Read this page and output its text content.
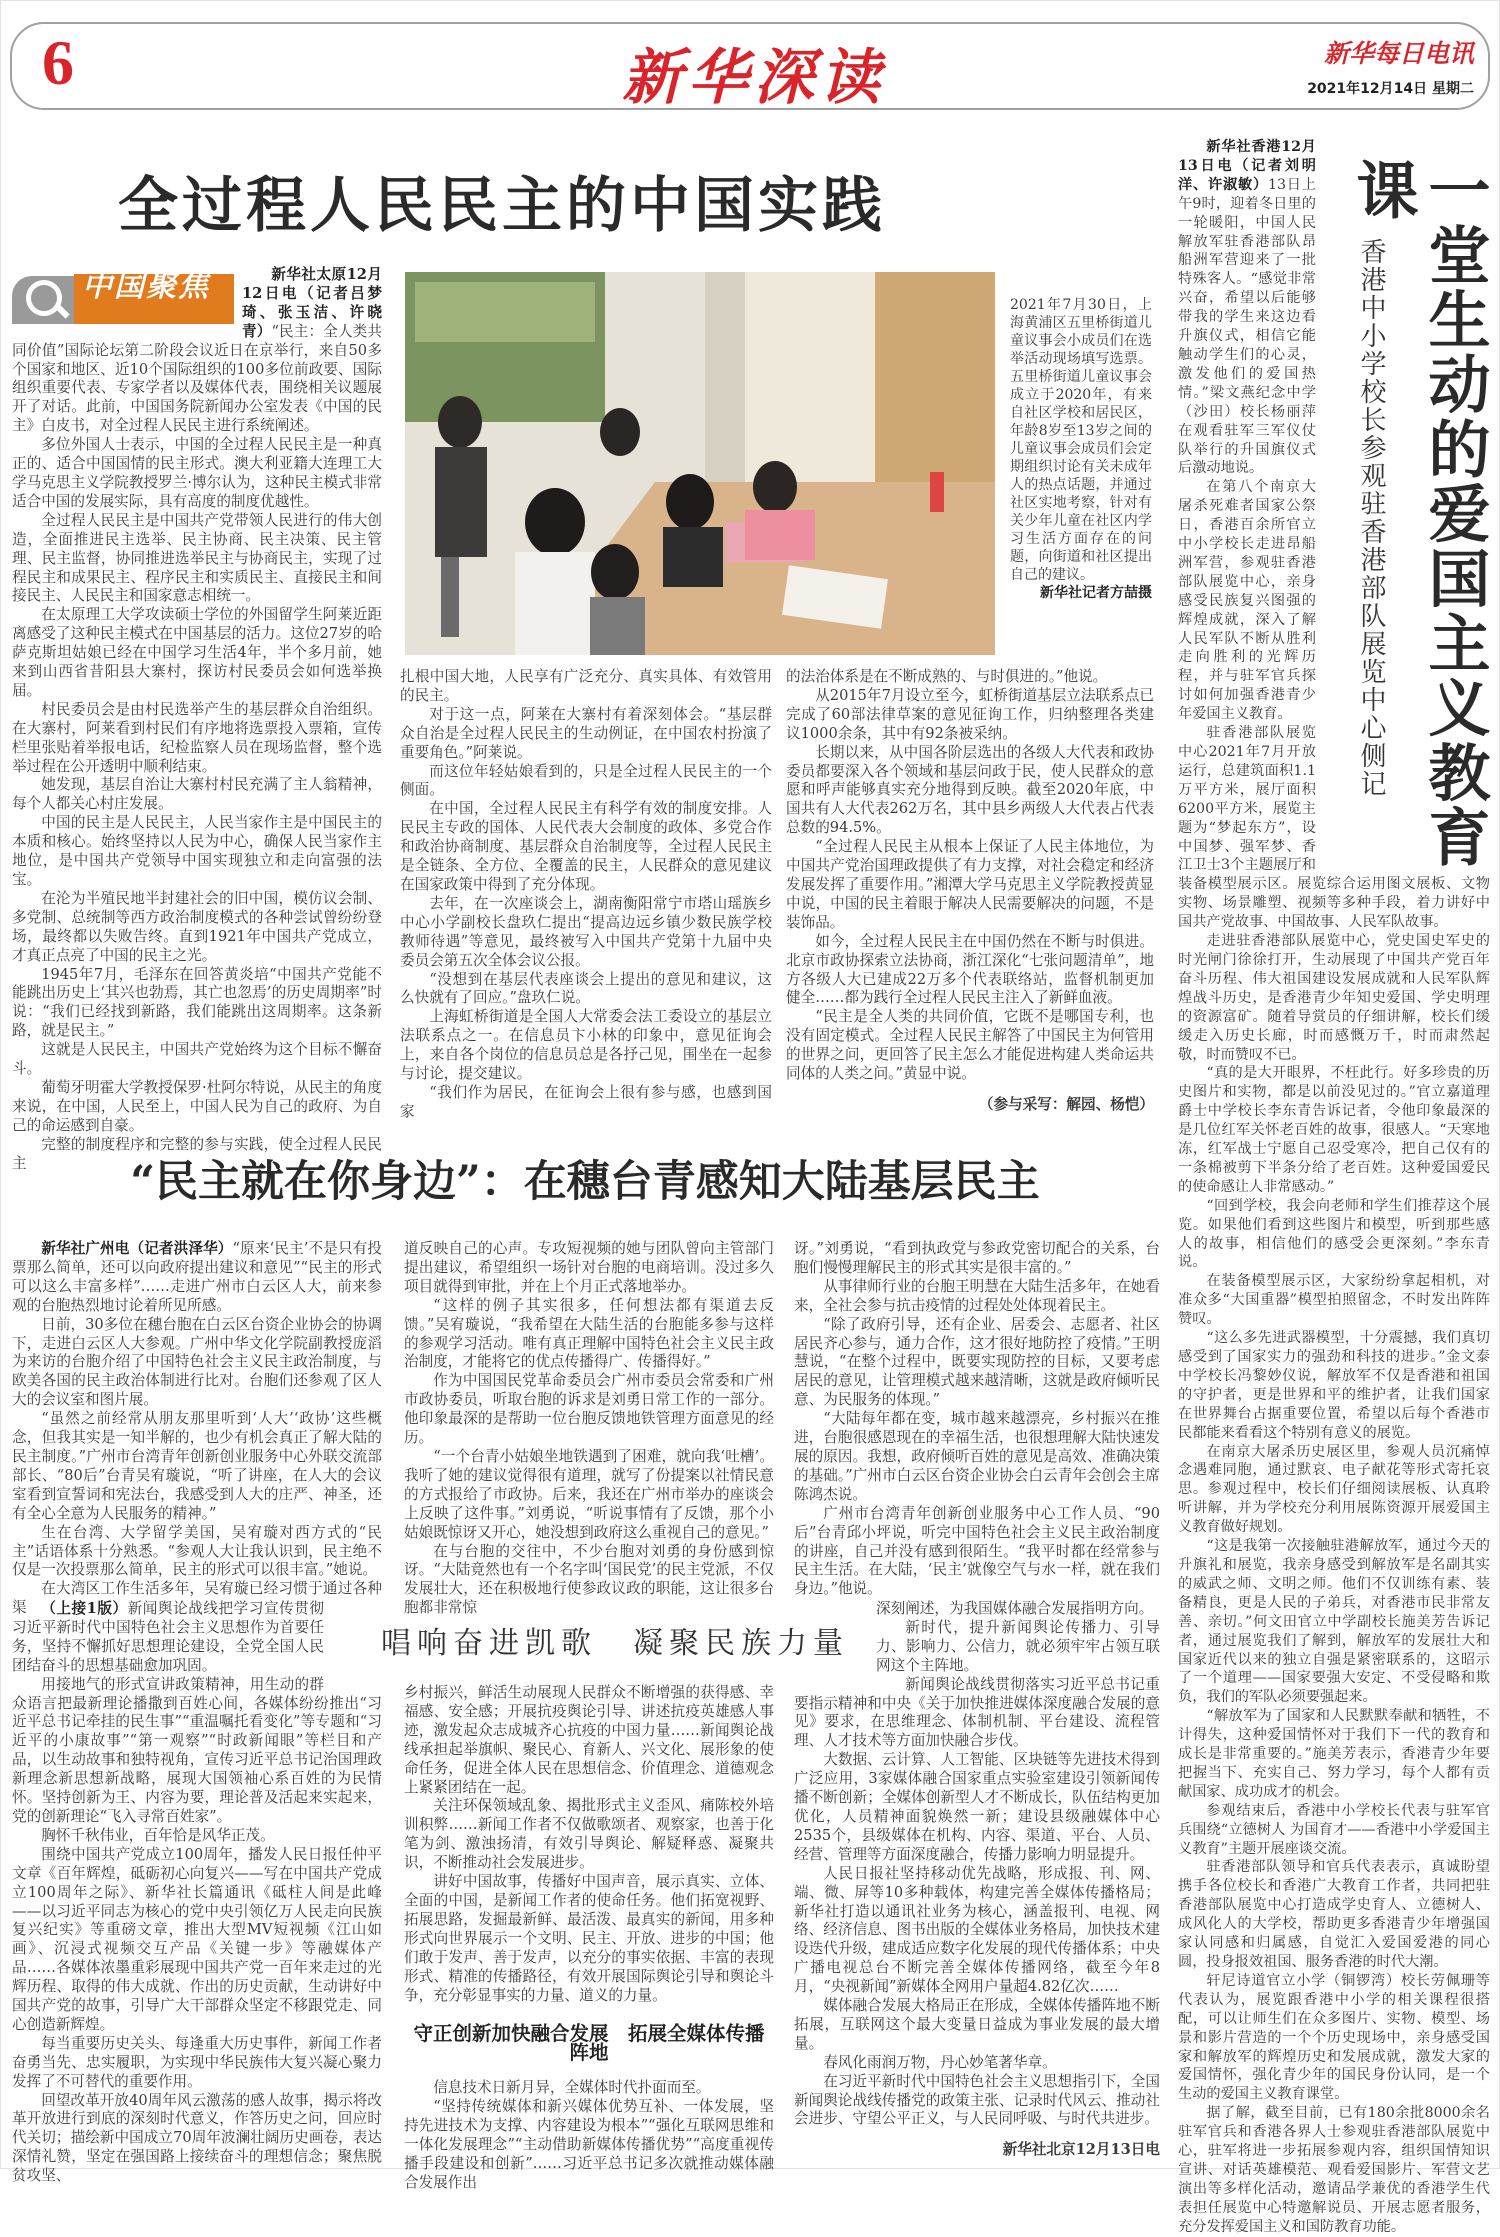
6	新华深读	新华每日电讯
2021年12月14日 星期二
全过程人民民主的中国实践
中国聚焦	新华社太原12月12日电（记者吕梦琦、张玉洁、许晓青）“民主：全人类共同价值”国际论坛第二阶段会议近日在京举行，来自50多个国家和地区、近10个国际组织的100多位前政要、国际组织重要代表、专家学者以及媒体代表，围绕相关议题展开了对话。此前，中国国务院新闻办公室发表《中国的民主》白皮书，对全过程人民民主进行系统阐述。

多位外国人士表示，中国的全过程人民民主是一种真正的、适合中国国情的民主形式。澳大利亚籍大连理工大学马克思主义学院教授罗兰·博尔认为，这种民主模式非常适合中国的发展实际，具有高度的制度优越性。

全过程人民民主是中国共产党带领人民进行的伟大创造，全面推进民主选举、民主协商、民主决策、民主管理、民主监督，协同推进选举民主与协商民主，实现了过程民主和成果民主、程序民主和实质民主、直接民主和间接民主、人民民主和国家意志相统一。

在太原理工大学攻读硕士学位的外国留学生阿莱近距离感受了这种民主模式在中国基层的活力。这位27岁的哈萨克斯坦姑娘已经在中国学习生活4年，半个多月前，她来到山西省昔阳县大寨村，探访村民委员会如何选举换届。

村民委员会是由村民选举产生的基层群众自治组织。在大寨村，阿莱看到村民们有序地将选票投入票箱，宣传栏里张贴着举报电话，纪检监察人员在现场监督，整个选举过程在公开透明中顺利结束。

她发现，基层自治让大寨村村民充满了主人翁精神，每个人都关心村庄发展。

中国的民主是人民民主，人民当家作主是中国民主的本质和核心。始终坚持以人民为中心，确保人民当家作主地位，是中国共产党领导中国实现独立和走向富强的法宝。

在沦为半殖民地半封建社会的旧中国，模仿议会制、多党制、总统制等西方政治制度模式的各种尝试曾纷纷登场，最终都以失败告终。直到1921年中国共产党成立，才真正点亮了中国的民主之光。

1945年7月，毛泽东在回答黄炎培“中国共产党能不能跳出历史上‘其兴也勃焉，其亡也忽焉’的历史周期率”时说：“我们已经找到新路，我们能跳出这周期率。这条新路，就是民主。”

这就是人民民主，中国共产党始终为这个目标不懈奋斗。

葡萄牙明霍大学教授保罗·杜阿尔特说，从民主的角度来说，在中国，人民至上，中国人民为自己的政府、为自己的命运感到自豪。

完整的制度程序和完整的参与实践，使全过程人民民主

2021年7月30日，上海黄浦区五里桥街道儿童议事会小成员们在选举活动现场填写选票。五里桥街道儿童议事会成立于2020年，有来自社区学校和居民区，年龄8岁至13岁之间的儿童议事会成员们会定期组织讨论有关未成年人的热点话题，并通过社区实地考察，针对有关少年儿童在社区内学习生活方面存在的问题，向街道和社区提出自己的建议。
新华社记者方喆摄

扎根中国大地，人民享有广泛充分、真实具体、有效管用的民主。

对于这一点，阿莱在大寨村有着深刻体会。“基层群众自治是全过程人民民主的生动例证，在中国农村扮演了重要角色。”阿莱说。

而这位年轻姑娘看到的，只是全过程人民民主的一个侧面。

在中国，全过程人民民主有科学有效的制度安排。人民民主专政的国体、人民代表大会制度的政体、多党合作和政治协商制度、基层群众自治制度等，全过程人民民主是全链条、全方位、全覆盖的民主，人民群众的意见建议在国家政策中得到了充分体现。

去年，在一次座谈会上，湖南衡阳常宁市塔山瑶族乡中心小学副校长盘玖仁提出“提高边远乡镇少数民族学校教师待遇”等意见，最终被写入中国共产党第十九届中央委员会第五次全体会议公报。

“没想到在基层代表座谈会上提出的意见和建议，这么快就有了回应。”盘玖仁说。

上海虹桥街道是全国人大常委会法工委设立的基层立法联系点之一。在信息员卞小林的印象中，意见征询会上，来自各个岗位的信息员总是各抒己见，围坐在一起参与讨论，提交建议。

“我们作为居民，在征询会上很有参与感，也感到国家

的法治体系是在不断成熟的、与时俱进的。”他说。

从2015年7月设立至今，虹桥街道基层立法联系点已完成了60部法律草案的意见征询工作，归纳整理各类建议1000余条，其中有92条被采纳。

长期以来，从中国各阶层选出的各级人大代表和政协委员都要深入各个领域和基层问政于民，使人民群众的意愿和呼声能够真实充分地得到反映。截至2020年底，中国共有人大代表262万名，其中县乡两级人大代表占代表总数的94.5%。

“全过程人民民主从根本上保证了人民主体地位，为中国共产党治国理政提供了有力支撑，对社会稳定和经济发展发挥了重要作用。”湘潭大学马克思主义学院教授黄显中说，中国的民主着眼于解决人民需要解决的问题，不是装饰品。

如今，全过程人民民主在中国仍然在不断与时俱进。北京市政协探索立法协商，浙江深化“七张问题清单”，地方各级人大已建成22万多个代表联络站，监督机制更加健全……都为践行全过程人民民主注入了新鲜血液。

“民主是全人类的共同价值，它既不是哪国专利，也没有固定模式。全过程人民民主解答了中国民主为何管用的世界之问，更回答了民主怎么才能促进构建人类命运共同体的人类之问。”黄显中说。

（参与采写：解园、杨恺）

一堂生动的爱国主义教育课
香港中小学校长参观驻香港部队展览中心侧记

新华社香港12月13日电（记者刘明洋、许淑敏）13日上午9时，迎着冬日里的一轮暖阳，中国人民解放军驻香港部队昂船洲军营迎来了一批特殊客人。“感觉非常兴奋，希望以后能够带我的学生来这边看升旗仪式，相信它能触动学生们的心灵，激发他们的爱国热情。”梁文燕纪念中学（沙田）校长杨丽萍在观看驻军三军仪仗队举行的升国旗仪式后激动地说。

在第八个南京大屠杀死难者国家公祭日，香港百余所官立中小学校长走进昂船洲军营，参观驻香港部队展览中心，亲身感受民族复兴图强的辉煌成就，深入了解人民军队不断从胜利走向胜利的光辉历程，并与驻军官兵探讨如何加强香港青少年爱国主义教育。

驻香港部队展览中心2021年7月开放运行，总建筑面积1.1万平方米，展厅面积6200平方米，展览主题为“梦起东方”，设中国梦、强军梦、香江卫士3个主题展厅和装备模型展示区。展览综合运用图文展板、文物实物、场景雕塑、视频等多种手段，着力讲好中国共产党故事、中国故事、人民军队故事。

走进驻香港部队展览中心，党史国史军史的时光闸门徐徐打开，生动展现了中国共产党百年奋斗历程、伟大祖国建设发展成就和人民军队辉煌战斗历史，是香港青少年知史爱国、学史明理的资源富矿。随着导赏员的仔细讲解，校长们缓缓走入历史长廊，时而感慨万千，时而肃然起敬，时而赞叹不已。

“真的是大开眼界，不枉此行。好多珍贵的历史图片和实物，都是以前没见过的。”官立嘉道理爵士中学校长李东青告诉记者，令他印象最深的是几位红军关怀老百姓的故事，很感人。“天寒地冻，红军战士宁愿自己忍受寒冷，把自己仅有的一条棉被剪下半条分给了老百姓。这种爱国爱民的使命感让人非常感动。”

“回到学校，我会向老师和学生们推荐这个展览。如果他们看到这些图片和模型，听到那些感人的故事，相信他们的感受会更深刻。”李东青说。

在装备模型展示区，大家纷纷拿起相机，对准众多“大国重器”模型拍照留念，不时发出阵阵赞叹。

“这么多先进武器模型，十分震撼，我们真切感受到了国家实力的强劲和科技的进步。”金文泰中学校长冯黎妙仪说，解放军不仅是香港和祖国的守护者，更是世界和平的维护者，让我们国家在世界舞台占据重要位置，希望以后每个香港市民都能来看看这个特别有意义的展览。

在南京大屠杀历史展区里，参观人员沉痛悼念遇难同胞，通过默哀、电子献花等形式寄托哀思。参观过程中，校长们仔细阅读展板、认真聆听讲解，并为学校充分利用展陈资源开展爱国主义教育做好规划。

“这是我第一次接触驻港解放军，通过今天的升旗礼和展览，我亲身感受到解放军是名副其实的威武之师、文明之师。他们不仅训练有素、装备精良，更是人民的子弟兵，对香港市民非常友善、亲切。”何文田官立中学副校长施美芳告诉记者，通过展览我们了解到，解放军的发展壮大和国家近代以来的独立自强是紧密联系的，这昭示了一个道理——国家要强大安定、不受侵略和欺负，我们的军队必须要强起来。

“解放军为了国家和人民默默奉献和牺牲，不计得失，这种爱国情怀对于我们下一代的教育和成长是非常重要的。”施美芳表示，香港青少年要把握当下、充实自己、努力学习，每个人都有贡献国家、成功成才的机会。

参观结束后，香港中小学校长代表与驻军官兵围绕“立德树人 为国育才——香港中小学爱国主义教育”主题开展座谈交流。

驻香港部队领导和官兵代表表示，真诚盼望携手各位校长和香港广大教育工作者，共同把驻香港部队展览中心打造成学史育人、立德树人、成风化人的大学校，帮助更多香港青少年增强国家认同感和归属感，自觉汇入爱国爱港的同心圆，投身报效祖国、服务香港的时代大潮。

轩尼诗道官立小学（铜锣湾）校长劳佩珊等代表认为，展览跟香港中小学的相关课程很搭配，可以让师生们在众多图片、实物、模型、场景和影片营造的一个个历史现场中，亲身感受国家和解放军的辉煌历史和发展成就，激发大家的爱国情怀，强化青少年的国民身份认同，是一个生动的爱国主义教育课堂。

据了解，截至目前，已有180余批8000余名驻军官兵和香港各界人士参观驻香港部队展览中心，驻军将进一步拓展参观内容，组织国情知识宣讲、对话英雄模范、观看爱国影片、军营文艺演出等多样化活动，邀请品学兼优的香港学生代表担任展览中心特邀解说员、开展志愿者服务，充分发挥爱国主义和国防教育功能。

“民主就在你身边”：在穗台青感知大陆基层民主

新华社广州电（记者洪泽华）“原来‘民主’不是只有投票那么简单，还可以向政府提出建议和意见”“民主的形式可以这么丰富多样”……走进广州市白云区人大，前来参观的台胞热烈地讨论着所见所感。

日前，30多位在穗台胞在白云区台资企业协会的协调下，走进白云区人大参观。广州中华文化学院副教授庞滔为来访的台胞介绍了中国特色社会主义民主政治制度，与欧美各国的民主政治体制进行比对。台胞们还参观了区人大的会议室和图片展。

“虽然之前经常从朋友那里听到‘人大’‘政协’这些概念，但我其实是一知半解的，也少有机会真正了解大陆的民主制度。”广州市台湾青年创新创业服务中心外联交流部部长、“80后”台青吴宥璇说，“听了讲座，在人大的会议室看到宣誓词和宪法台，我感受到人大的庄严、神圣，还有全心全意为人民服务的精神。”

生在台湾、大学留学美国，吴宥璇对西方式的“民主”话语体系十分熟悉。“参观人大让我认识到，民主绝不仅是一次投票那么简单，民主的形式可以很丰富。”她说。

在大湾区工作生活多年，吴宥璇已经习惯于通过各种渠

道反映自己的心声。专攻短视频的她与团队曾向主管部门提出建议，希望组织一场针对台胞的电商培训。没过多久项目就得到审批，并在上个月正式落地举办。

“这样的例子其实很多，任何想法都有渠道去反馈。”吴宥璇说，“我希望在大陆生活的台胞能多参与这样的参观学习活动。唯有真正理解中国特色社会主义民主政治制度，才能将它的优点传播得广、传播得好。”

作为中国国民党革命委员会广州市委员会常委和广州市政协委员，听取台胞的诉求是刘勇日常工作的一部分。他印象最深的是帮助一位台胞反馈地铁管理方面意见的经历。

“一个台青小姑娘坐地铁遇到了困难，就向我‘吐槽’。我听了她的建议觉得很有道理，就写了份提案以社情民意的方式报给了市政协。后来，我还在广州市举办的座谈会上反映了这件事。”刘勇说，“听说事情有了反馈，那个小姑娘既惊讶又开心，她没想到政府这么重视自己的意见。”

在与台胞的交往中，不少台胞对刘勇的身份感到惊讶。“大陆竟然也有一个名字叫‘国民党’的民主党派，不仅发展壮大，还在积极地行使参政议政的职能，这让很多台胞都非常惊

讶。”刘勇说，“看到执政党与参政党密切配合的关系，台胞们慢慢理解民主的形式其实是很丰富的。”

从事律师行业的台胞王明慧在大陆生活多年，在她看来，全社会参与抗击疫情的过程处处体现着民主。

“除了政府引导，还有企业、居委会、志愿者、社区居民齐心参与，通力合作，这才很好地防控了疫情。”王明慧说，“在整个过程中，既要实现防控的目标，又要考虑居民的意见，让管理模式越来越清晰，这就是政府倾听民意、为民服务的体现。”

“大陆每年都在变，城市越来越漂亮，乡村振兴在推进，台胞很感恩现在的幸福生活，也很想理解大陆快速发展的原因。我想，政府倾听百姓的意见是高效、准确决策的基础。”广州市白云区台资企业协会白云青年会创会主席陈鸿杰说。

广州市台湾青年创新创业服务中心工作人员、“90后”台青邱小坪说，听完中国特色社会主义民主政治制度的讲座，自己并没有感到很陌生。“我平时都在经常参与民主生活。在大陆，‘民主’就像空气与水一样，就在我们身边。”他说。

唱响奋进凯歌　凝聚民族力量

（上接1版）新闻舆论战线把学习宣传贯彻习近平新时代中国特色社会主义思想作为首要任务，坚持不懈抓好思想理论建设，全党全国人民团结奋斗的思想基础愈加巩固。

用接地气的形式宣讲政策精神，用生动的群众语言把最新理论播撒到百姓心间，各媒体纷纷推出“习近平总书记牵挂的民生事”“重温嘱托看变化”等专题和“习近平的小康故事”“第一观察”“时政新闻眼”等栏目和产品，以生动故事和独特视角，宣传习近平总书记治国理政新理念新思想新战略，展现大国领袖心系百姓的为民情怀。坚持创新为王、内容为要，理论普及活起来实起来，党的创新理论“飞入寻常百姓家”。

胸怀千秋伟业，百年恰是风华正茂。

围绕中国共产党成立100周年，播发人民日报任仲平文章《百年辉煌，砥砺初心向复兴——写在中国共产党成立100周年之际》、新华社长篇通讯《砥柱人间是此峰——以习近平同志为核心的党中央引领亿万人民走向民族复兴纪实》等重磅文章，推出大型MV短视频《江山如画》、沉浸式视频交互产品《关键一步》等融媒体产品……各媒体浓墨重彩展现中国共产党一百年来走过的光辉历程、取得的伟大成就、作出的历史贡献，生动讲好中国共产党的故事，引导广大干部群众坚定不移跟党走、同心创造新辉煌。

每当重要历史关头、每逢重大历史事件，新闻工作者奋勇当先、忠实履职，为实现中华民族伟大复兴凝心聚力发挥了不可替代的重要作用。

回望改革开放40周年风云激荡的感人故事，揭示将改革开放进行到底的深刻时代意义，作答历史之问，回应时代关切；描绘新中国成立70周年波澜壮阔历史画卷，表达深情礼赞，坚定在强国路上接续奋斗的理想信念；聚焦脱贫攻坚、

乡村振兴，鲜活生动展现人民群众不断增强的获得感、幸福感、安全感；开展抗疫舆论引导、讲述抗疫英雄感人事迹，激发起众志成城齐心抗疫的中国力量……新闻舆论战线承担起举旗帜、聚民心、育新人、兴文化、展形象的使命任务，促进全体人民在思想信念、价值理念、道德观念上紧紧团结在一起。

关注环保领域乱象、揭批形式主义歪风、痛陈校外培训积弊……新闻工作者不仅做歌颂者、观察家，也善于化笔为剑、激浊扬清，有效引导舆论、解疑释惑、凝聚共识，不断推动社会发展进步。

讲好中国故事，传播好中国声音，展示真实、立体、全面的中国，是新闻工作者的使命任务。他们拓宽视野、拓展思路，发掘最新鲜、最活泼、最真实的新闻，用多种形式向世界展示一个文明、民主、开放、进步的中国；他们敢于发声、善于发声，以充分的事实依据、丰富的表现形式、精准的传播路径，有效开展国际舆论引导和舆论斗争，充分彰显事实的力量、道义的力量。

守正创新加快融合发展　拓展全媒体传播阵地

信息技术日新月异，全媒体时代扑面而至。

“坚持传统媒体和新兴媒体优势互补、一体发展，坚持先进技术为支撑、内容建设为根本”“强化互联网思维和一体化发展理念”“主动借助新媒体传播优势”“高度重视传播手段建设和创新”……习近平总书记多次就推动媒体融合发展作出

深刻阐述，为我国媒体融合发展指明方向。

新时代，提升新闻舆论传播力、引导力、影响力、公信力，就必须牢牢占领互联网这个主阵地。

新闻舆论战线贯彻落实习近平总书记重要指示精神和中央《关于加快推进媒体深度融合发展的意见》要求，在思维理念、体制机制、平台建设、流程管理、人才技术等方面加快融合步伐。

大数据、云计算、人工智能、区块链等先进技术得到广泛应用，3家媒体融合国家重点实验室建设引领新闻传播不断创新；全媒体创新型人才不断成长，队伍结构更加优化，人员精神面貌焕然一新；建设县级融媒体中心2535个，县级媒体在机构、内容、渠道、平台、人员、经营、管理等方面深度融合，传播力影响力明显提升。

人民日报社坚持移动优先战略，形成报、刊、网、端、微、屏等10多种载体，构建完善全媒体传播格局；新华社打造以通讯社业务为核心，涵盖报刊、电视、网络、经济信息、图书出版的全媒体业务格局，加快技术建设迭代升级，建成适应数字化发展的现代传播体系；中央广播电视总台不断完善全媒体传播网络，截至今年8月，“央视新闻”新媒体全网用户量超4.82亿次……

媒体融合发展大格局正在形成，全媒体传播阵地不断拓展，互联网这个最大变量日益成为事业发展的最大增量。

春风化雨润万物，丹心妙笔著华章。

在习近平新时代中国特色社会主义思想指引下，全国新闻舆论战线传播党的政策主张、记录时代风云、推动社会进步、守望公平正义，与人民同呼吸、与时代共进步。

新华社北京12月13日电
